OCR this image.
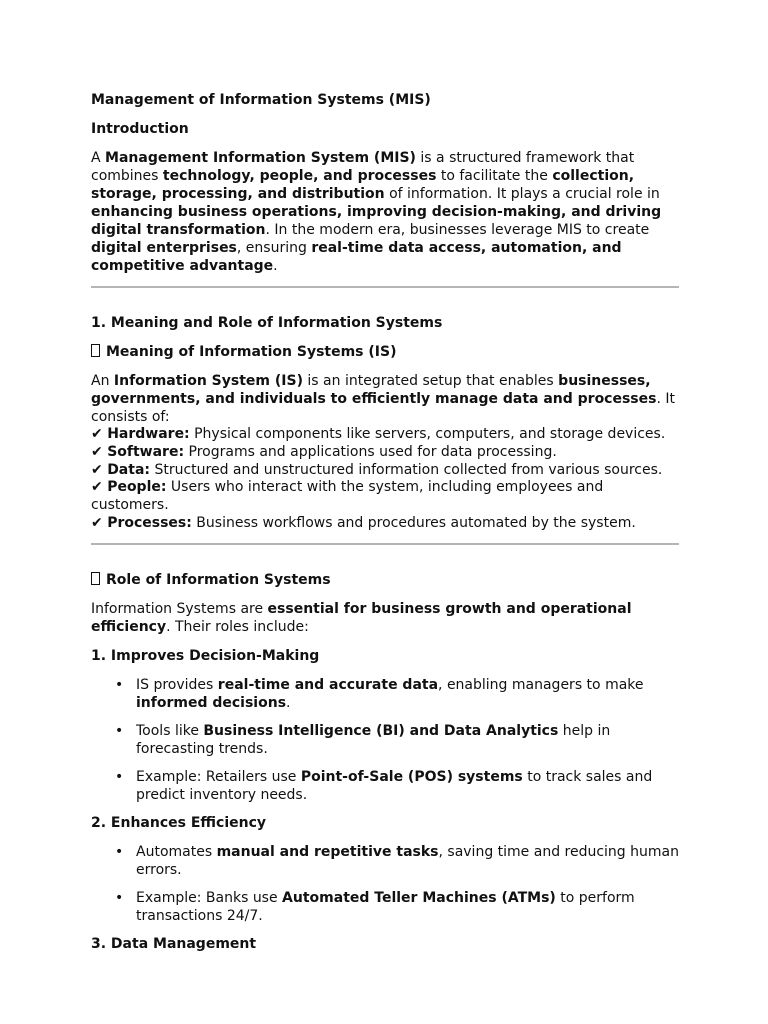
Management of Information Systems (MIS)
Introduction

A Management Information System (MIS) is a structured framework that combines technology, people, and processes to facilitate the collection, storage, processing, and distribution of information. It plays a crucial role in enhancing business operations, improving decision-making, and driving digital transformation. In the modern era, businesses leverage MIS to create digital enterprises, ensuring real-time data access, automation, and competitive advantage.

1. Meaning and Role of Information Systems
Meaning of Information Systems (IS)

An Information System (IS) is an integrated setup that enables businesses, governments, and individuals to efficiently manage data and processes. It consists of:

✔ Hardware: Physical components like servers, computers, and storage devices.
✔ Software: Programs and applications used for data processing.
✔ Data: Structured and unstructured information collected from various sources.
✔ People: Users who interact with the system, including employees and customers.
✔ Processes: Business workflows and procedures automated by the system.
Role of Information Systems

Information Systems are essential for business growth and operational efficiency. Their roles include:

1. Improves Decision-Making
• IS provides real-time and accurate data, enabling managers to make informed decisions.
• Tools like Business Intelligence (BI) and Data Analytics help in forecasting trends.
• Example: Retailers use Point-of-Sale (POS) systems to track sales and predict inventory needs.
2. Enhances Efficiency
• Automates manual and repetitive tasks, saving time and reducing human errors.
• Example: Banks use Automated Teller Machines (ATMs) to perform transactions 24/7.
3. Data Management
